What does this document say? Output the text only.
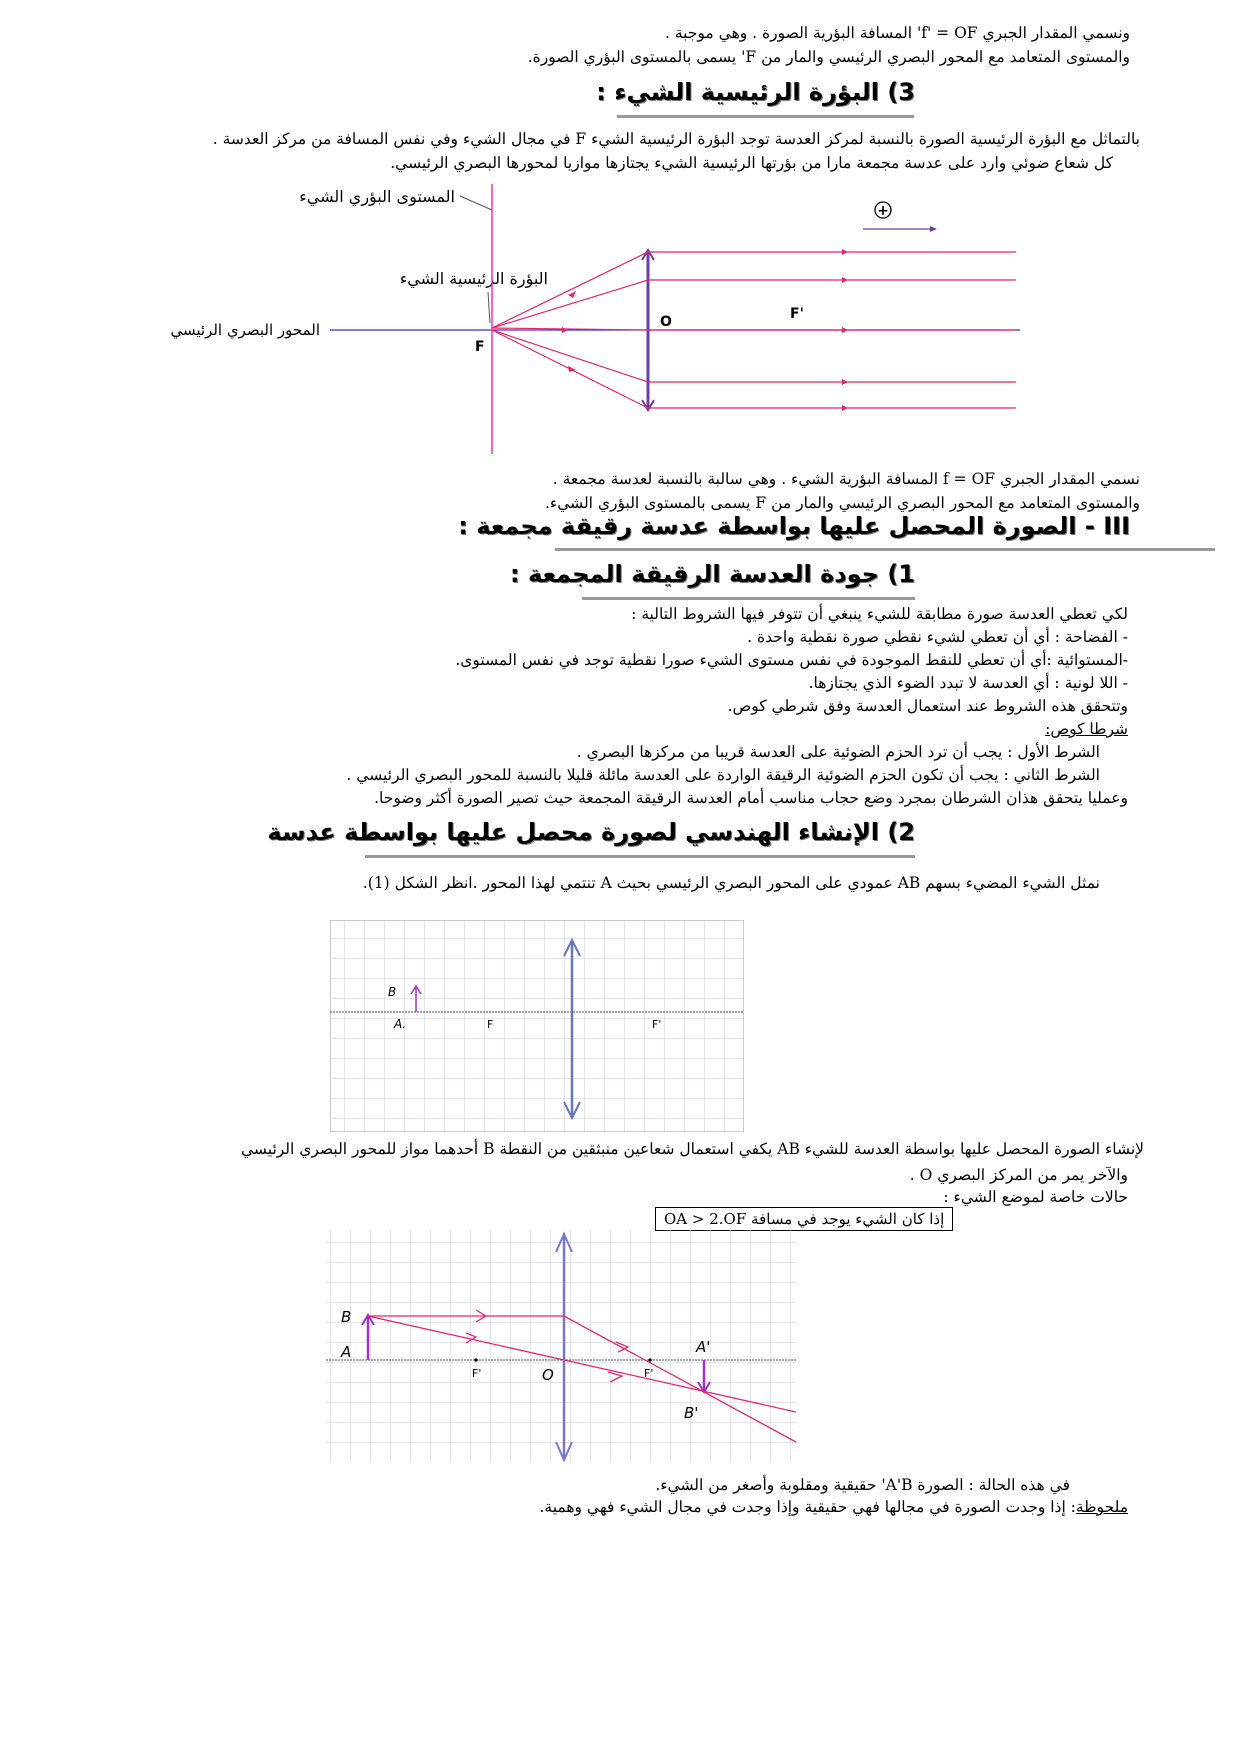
ونسمي المقدار الجبري f' = OF' المسافة البؤرية الصورة . وهي موجبة .
والمستوى المتعامد مع المحور البصري الرئيسي والمار من F' يسمى بالمستوى البؤري الصورة.
3) البؤرة الرئيسية الشيء :
بالتماثل مع البؤرة الرئيسية الصورة بالنسبة لمركز العدسة توجد البؤرة الرئيسية الشيء F في مجال الشيء وفي نفس المسافة من مركز العدسة .
كل شعاع ضوئي وارد على عدسة مجمعة مارا من بؤرتها الرئيسية الشيء يجتازها موازيا لمحورها البصري الرئيسي.
المستوى البؤري الشيء
البؤرة الرئيسية الشيء
المحور البصري الرئيسي
F
O	F'
+
نسمي المقدار الجبري f = OF المسافة البؤرية الشيء . وهي سالبة بالنسبة لعدسة مجمعة .
والمستوى المتعامد مع المحور البصري الرئيسي والمار من F يسمى بالمستوى البؤري الشيء.
III - الصورة المحصل عليها بواسطة عدسة رقيقة مجمعة :
1) جودة العدسة الرقيقة المجمعة :
لكي تعطي العدسة صورة مطابقة للشيء ينبغي أن تتوفر فيها الشروط التالية :
- الفضاحة : أي أن تعطي لشيء نقطي صورة نقطية واحدة .
-المستوائية :أي أن تعطي للنقط الموجودة في نفس مستوى الشيء صورا نقطية توجد في نفس المستوى.
- اللا لونية : أي العدسة لا تبدد الضوء الذي يجتازها.
وتتحقق هذه الشروط عند استعمال العدسة وفق شرطي كوص.
شرطا كوص:
الشرط الأول : يجب أن ترد الحزم الضوئية على العدسة قريبا من مركزها البصري .
الشرط الثاني : يجب أن تكون الحزم الضوئية الرقيقة الواردة على العدسة مائلة قليلا بالنسبة للمحور البصري الرئيسي .
وعمليا يتحقق هذان الشرطان بمجرد وضع حجاب مناسب أمام العدسة الرقيقة المجمعة حيث تصير الصورة أكثر وضوحا.
2) الإنشاء الهندسي لصورة محصل عليها بواسطة عدسة
نمثل الشيء المضيء بسهم AB عمودي على المحور البصري الرئيسي بحيث A تنتمي لهذا المحور .انظر الشكل (1).
B
A.	F	F'
لإنشاء الصورة المحصل عليها بواسطة العدسة للشيء AB يكفي استعمال شعاعين منبثقين من النقطة B أحدهما مواز للمحور البصري الرئيسي
والآخر يمر من المركز البصري O .
حالات خاصة لموضع الشيء :
إذا كان الشيء يوجد في مسافة OA > 2.OF
B
A
F'	O	F'
A'
B'
في هذه الحالة : الصورة A'B' حقيقية ومقلوبة وأصغر من الشيء.
ملحوظة: إذا وجدت الصورة في مجالها فهي حقيقية وإذا وجدت في مجال الشيء فهي وهمية.
